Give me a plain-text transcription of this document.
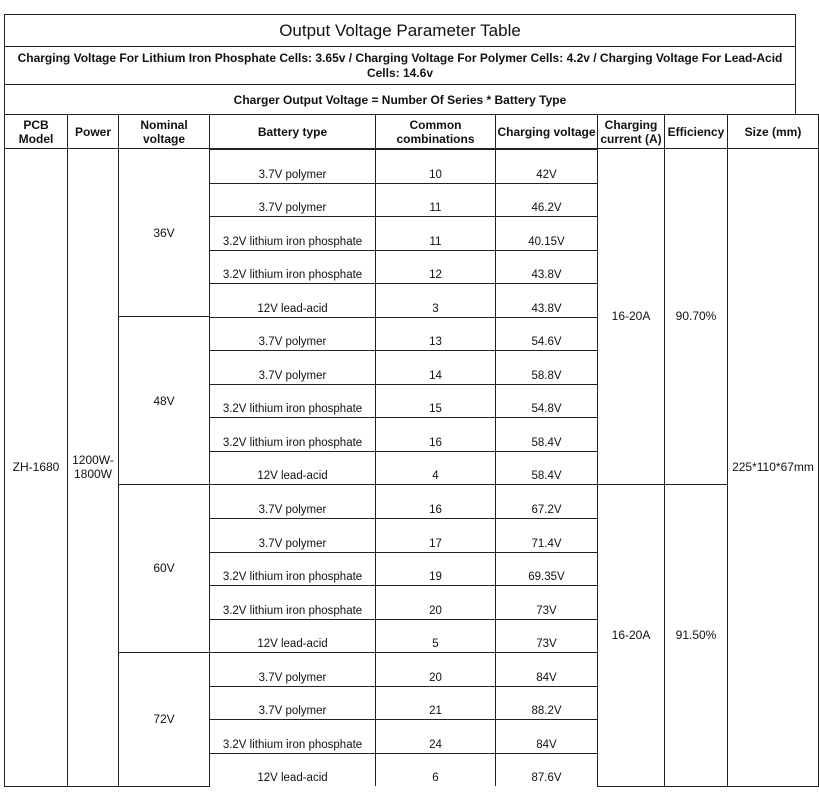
Output Voltage Parameter Table
Charging Voltage For Lithium Iron Phosphate Cells: 3.65v / Charging Voltage For Polymer Cells: 4.2v / Charging Voltage For Lead-Acid Cells: 14.6v
Charger Output Voltage = Number Of Series * Battery Type
PCB Model	Power	Nominal voltage	Battery type	Common combinations	Charging voltage	Charging current (A)	Efficiency	Size (mm)
ZH-1680	1200W-1800W	36V	3.7V polymer	10	42V	16-20A	90.70%	225*110*67mm

			3.7V polymer	11	46.2V			

			3.2V lithium iron phosphate	11	40.15V			

			3.2V lithium iron phosphate	12	43.8V			

			12V lead-acid	3	43.8V			

		48V	3.7V polymer	13	54.6V			

			3.7V polymer	14	58.8V			

			3.2V lithium iron phosphate	15	54.8V			

			3.2V lithium iron phosphate	16	58.4V			

			12V lead-acid	4	58.4V			

		60V	3.7V polymer	16	67.2V	16-20A	91.50%	

			3.7V polymer	17	71.4V			

			3.2V lithium iron phosphate	19	69.35V			

			3.2V lithium iron phosphate	20	73V			

			12V lead-acid	5	73V			

		72V	3.7V polymer	20	84V			

			3.7V polymer	21	88.2V			

			3.2V lithium iron phosphate	24	84V			

			12V lead-acid	6	87.6V			
